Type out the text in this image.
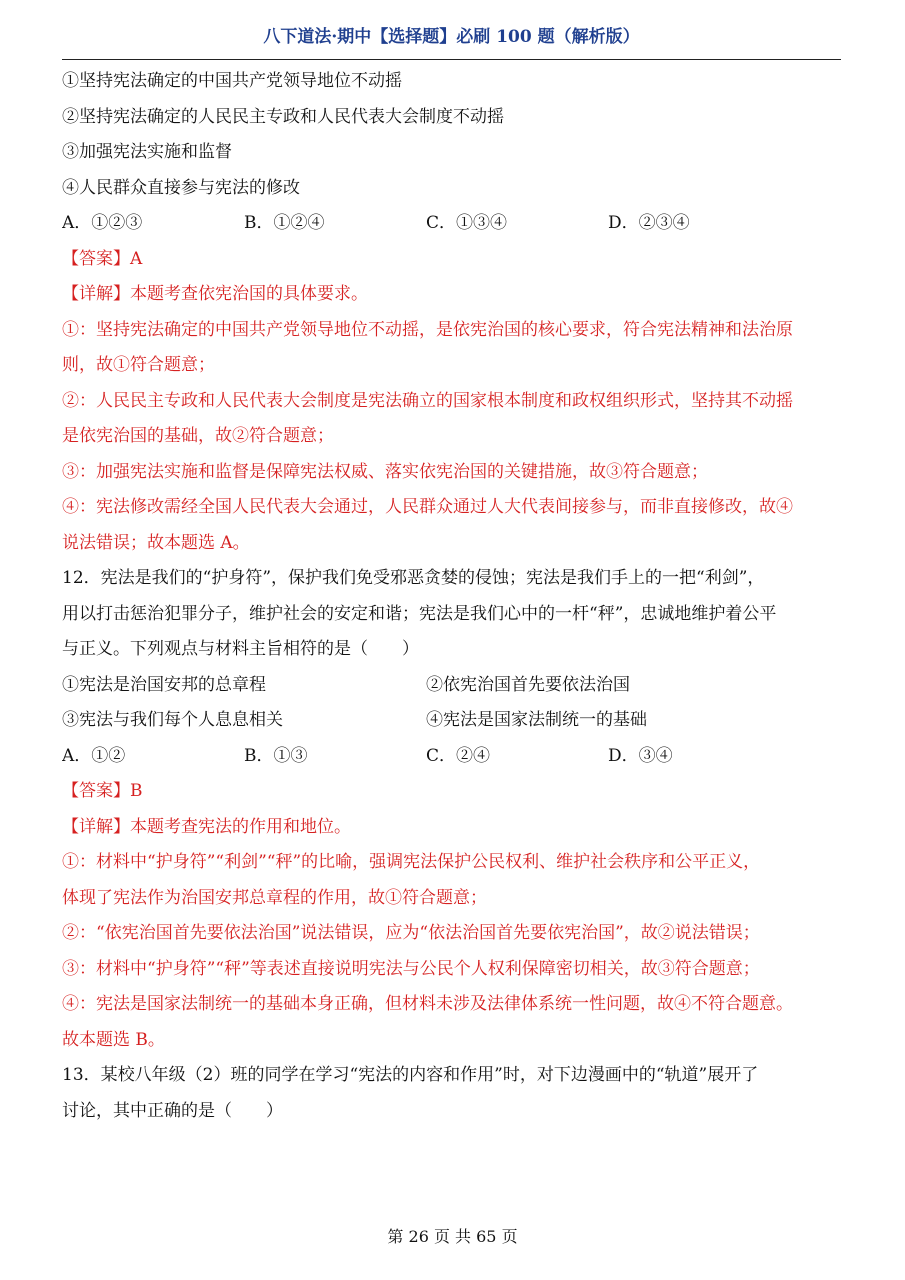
八下道法·期中【选择题】必刷 100 题（解析版）
①坚持宪法确定的中国共产党领导地位不动摇
②坚持宪法确定的人民民主专政和人民代表大会制度不动摇
③加强宪法实施和监督
④人民群众直接参与宪法的修改
A．①②③	B．①②④	C．①③④	D．②③④
【答案】A
【详解】本题考查依宪治国的具体要求。
①：坚持宪法确定的中国共产党领导地位不动摇，是依宪治国的核心要求，符合宪法精神和法治原
则，故①符合题意；
②：人民民主专政和人民代表大会制度是宪法确立的国家根本制度和政权组织形式，坚持其不动摇
是依宪治国的基础，故②符合题意；
③：加强宪法实施和监督是保障宪法权威、落实依宪治国的关键措施，故③符合题意；
④：宪法修改需经全国人民代表大会通过，人民群众通过人大代表间接参与，而非直接修改，故④
说法错误；故本题选 A。
12．宪法是我们的“护身符”，保护我们免受邪恶贪婪的侵蚀；宪法是我们手上的一把“利剑”，
用以打击惩治犯罪分子，维护社会的安定和谐；宪法是我们心中的一杆“秤”，忠诚地维护着公平
与正义。下列观点与材料主旨相符的是（　　）
①宪法是治国安邦的总章程	②依宪治国首先要依法治国
③宪法与我们每个人息息相关	④宪法是国家法制统一的基础
A．①②	B．①③	C．②④	D．③④
【答案】B
【详解】本题考查宪法的作用和地位。
①：材料中“护身符”“利剑”“秤”的比喻，强调宪法保护公民权利、维护社会秩序和公平正义，
体现了宪法作为治国安邦总章程的作用，故①符合题意；
②：“依宪治国首先要依法治国”说法错误，应为“依法治国首先要依宪治国”，故②说法错误；
③：材料中“护身符”“秤”等表述直接说明宪法与公民个人权利保障密切相关，故③符合题意；
④：宪法是国家法制统一的基础本身正确，但材料未涉及法律体系统一性问题，故④不符合题意。
故本题选 B。
13．某校八年级（2）班的同学在学习“宪法的内容和作用”时，对下边漫画中的“轨道”展开了
讨论，其中正确的是（　　）
第 26 页 共 65 页
